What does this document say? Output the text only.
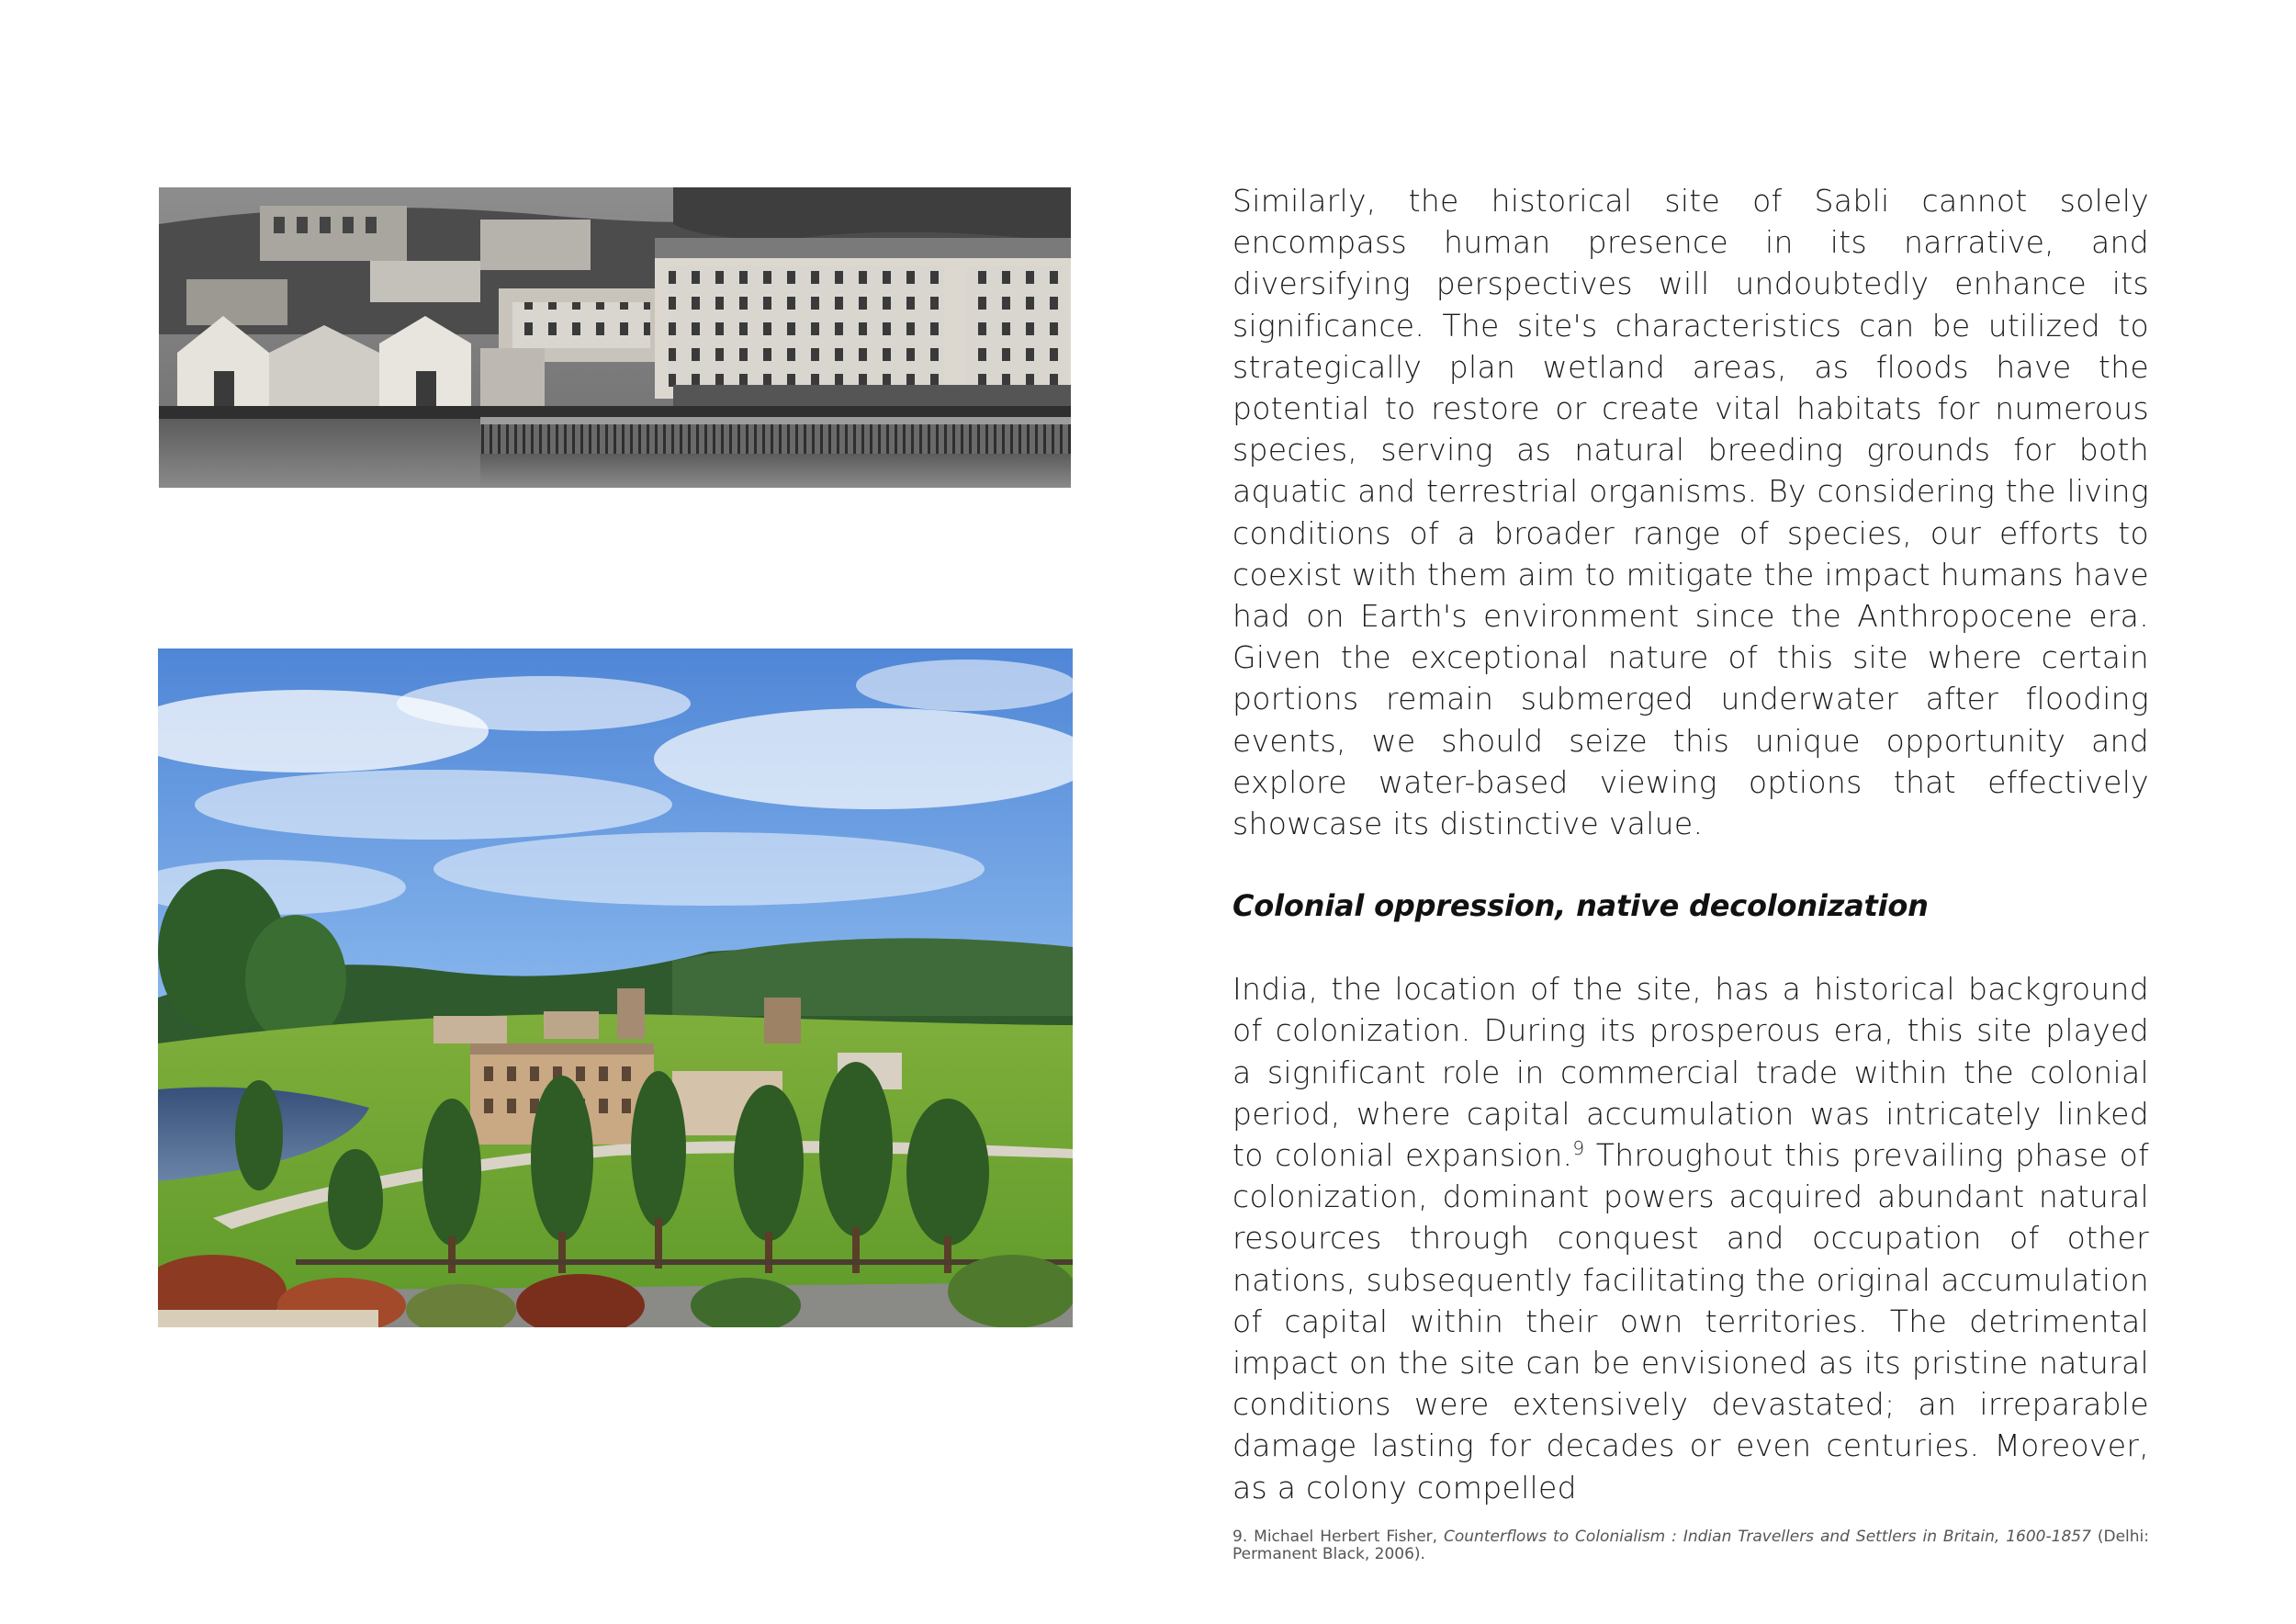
Similarly, the historical site of Sabli cannot solely encompass human presence in its narrative, and diversifying perspectives will undoubtedly enhance its significance. The site's characteristics can be utilized to strategically plan wetland areas, as floods have the potential to restore or create vital habitats for numerous species, serving as natural breeding grounds for both aquatic and terrestrial organisms. By considering the living conditions of a broader range of species, our efforts to coexist with them aim to mitigate the impact humans have had on Earth's environment since the Anthropocene era. Given the exceptional nature of this site where certain portions remain submerged underwater after flooding events, we should seize this unique opportunity and explore water-based viewing options that effectively showcase its distinctive value.

Colonial oppression, native decolonization

India, the location of the site, has a historical background of colonization. During its prosperous era, this site played a significant role in commercial trade within the colonial period, where capital accumulation was intricately linked to colonial expansion.$^9$ Throughout this prevailing phase of colonization, dominant powers acquired abundant natural resources through conquest and occupation of other nations, subsequently facilitating the original accumulation of capital within their own territories. The detrimental impact on the site can be envisioned as its pristine natural conditions were extensively devastated; an irreparable damage lasting for decades or even centuries. Moreover, as a colony compelled

9. Michael Herbert Fisher, Counterflows to Colonialism : Indian Travellers and Settlers in Britain, 1600-1857 (Delhi: Permanent Black, 2006).
